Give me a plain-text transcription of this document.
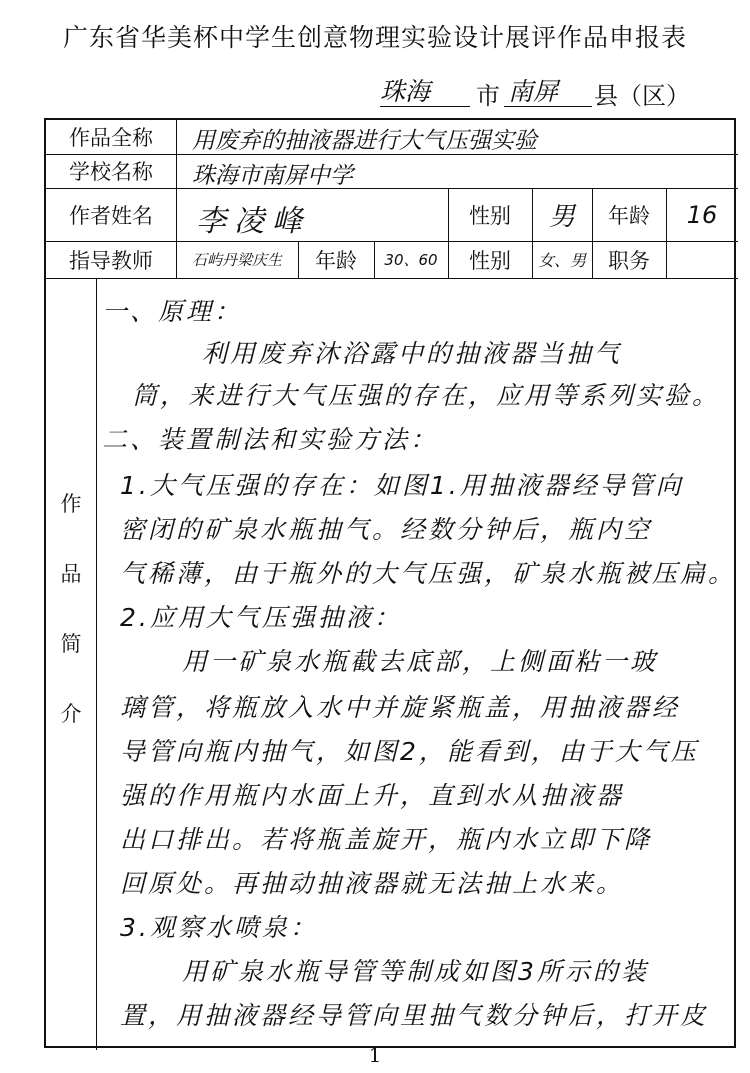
广东省华美杯中学生创意物理实验设计展评作品申报表
珠海 市 南屏 县（区）
作品全称	用废弃的抽液器进行大气压强实验
学校名称	珠海市南屏中学
作者姓名	李凌峰	性别	男	年龄	16
指导教师	石屿丹梁庆生	年龄	30、60	性别	女、男	职务
作
品
简
介
一、原理：
利用废弃沐浴露中的抽液器当抽气
筒，来进行大气压强的存在，应用等系列实验。
二、装置制法和实验方法：
1.大气压强的存在：如图1.用抽液器经导管向
密闭的矿泉水瓶抽气。经数分钟后，瓶内空
气稀薄，由于瓶外的大气压强，矿泉水瓶被压扁。
2.应用大气压强抽液：
用一矿泉水瓶截去底部，上侧面粘一玻
璃管，将瓶放入水中并旋紧瓶盖，用抽液器经
导管向瓶内抽气，如图2，能看到，由于大气压
强的作用瓶内水面上升，直到水从抽液器
出口排出。若将瓶盖旋开，瓶内水立即下降
回原处。再抽动抽液器就无法抽上水来。
3.观察水喷泉：
用矿泉水瓶导管等制成如图3所示的装
置，用抽液器经导管向里抽气数分钟后，打开皮
1
